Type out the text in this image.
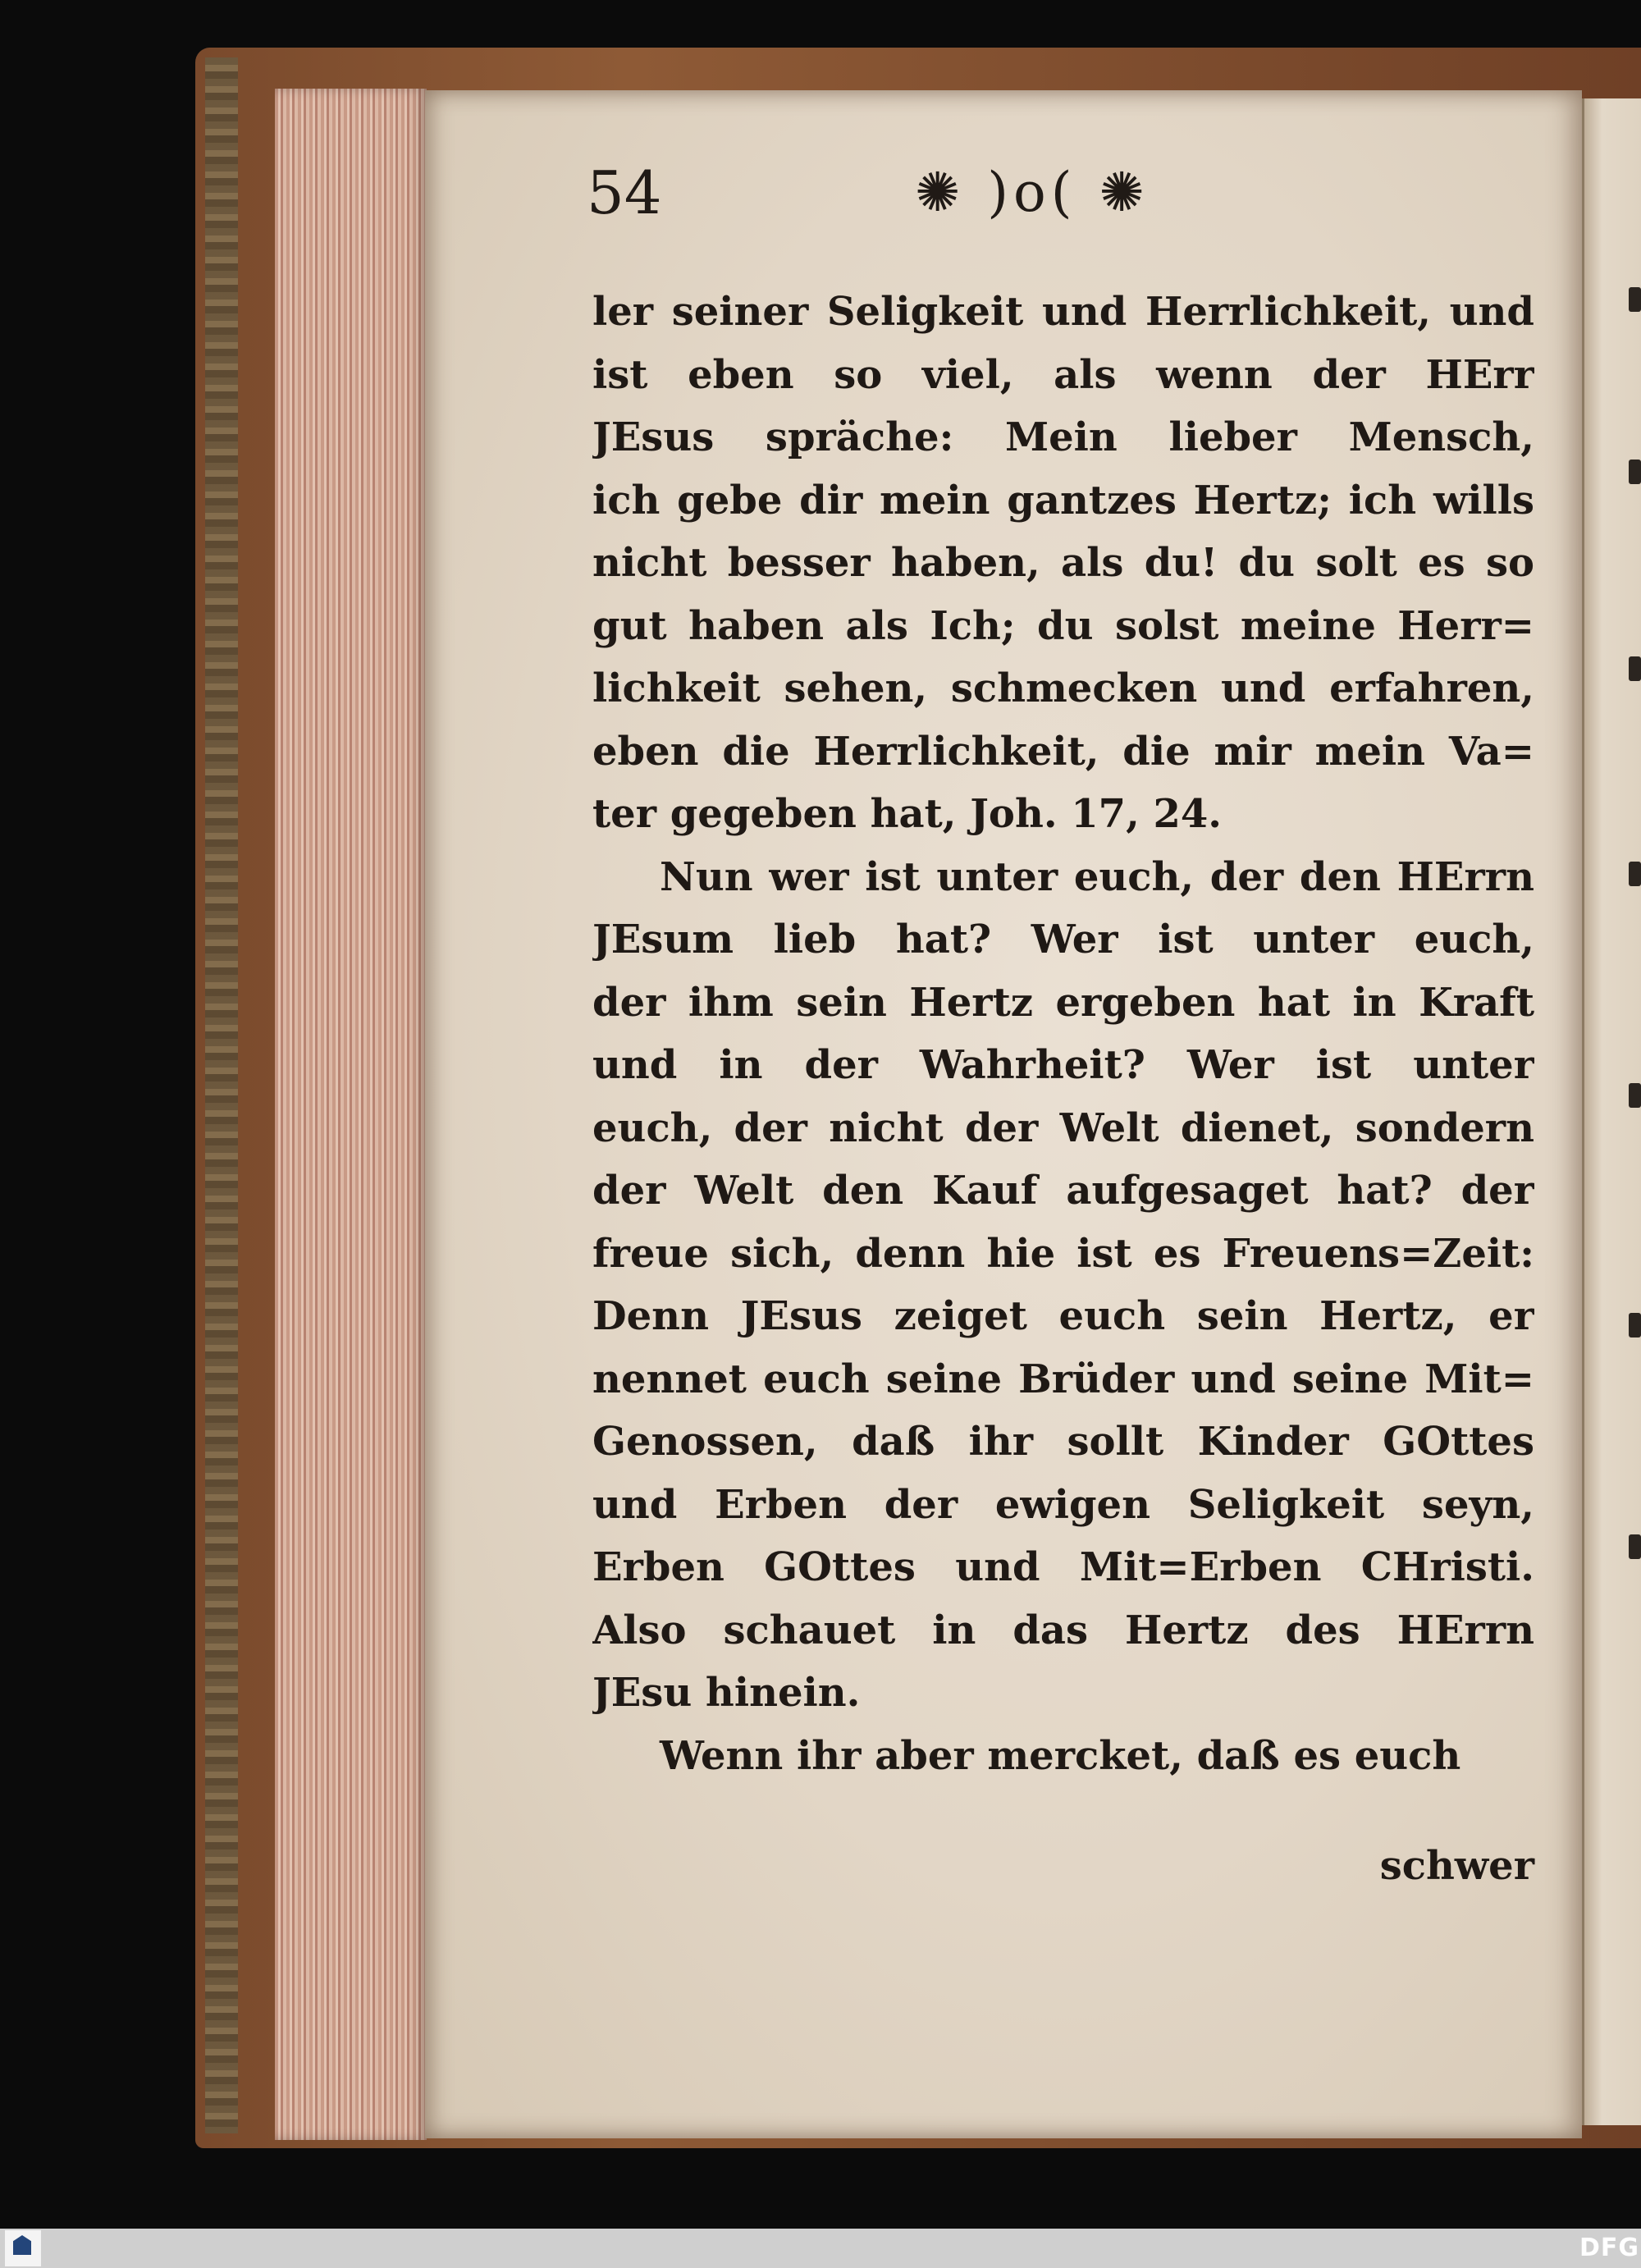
54	✺ )o( ✺
ler seiner Seligkeit und Herrlichkeit, und
ist eben so viel, als wenn der HErr
JEsus spräche: Mein lieber Mensch,
ich gebe dir mein gantzes Hertz; ich wills
nicht besser haben, als du! du solt es so
gut haben als Ich; du solst meine Herr=
lichkeit sehen, schmecken und erfahren,
eben die Herrlichkeit, die mir mein Va=
ter gegeben hat, Joh. 17, 24.
Nun wer ist unter euch, der den HErrn
JEsum lieb hat? Wer ist unter euch,
der ihm sein Hertz ergeben hat in Kraft
und in der Wahrheit? Wer ist unter
euch, der nicht der Welt dienet, sondern
der Welt den Kauf aufgesaget hat? der
freue sich, denn hie ist es Freuens=Zeit:
Denn JEsus zeiget euch sein Hertz, er
nennet euch seine Brüder und seine Mit=
Genossen, daß ihr sollt Kinder GOttes
und Erben der ewigen Seligkeit seyn,
Erben GOttes und Mit=Erben CHristi.
Also schauet in das Hertz des HErrn
JEsu hinein.
Wenn ihr aber mercket, daß es euch
schwer
DFG
